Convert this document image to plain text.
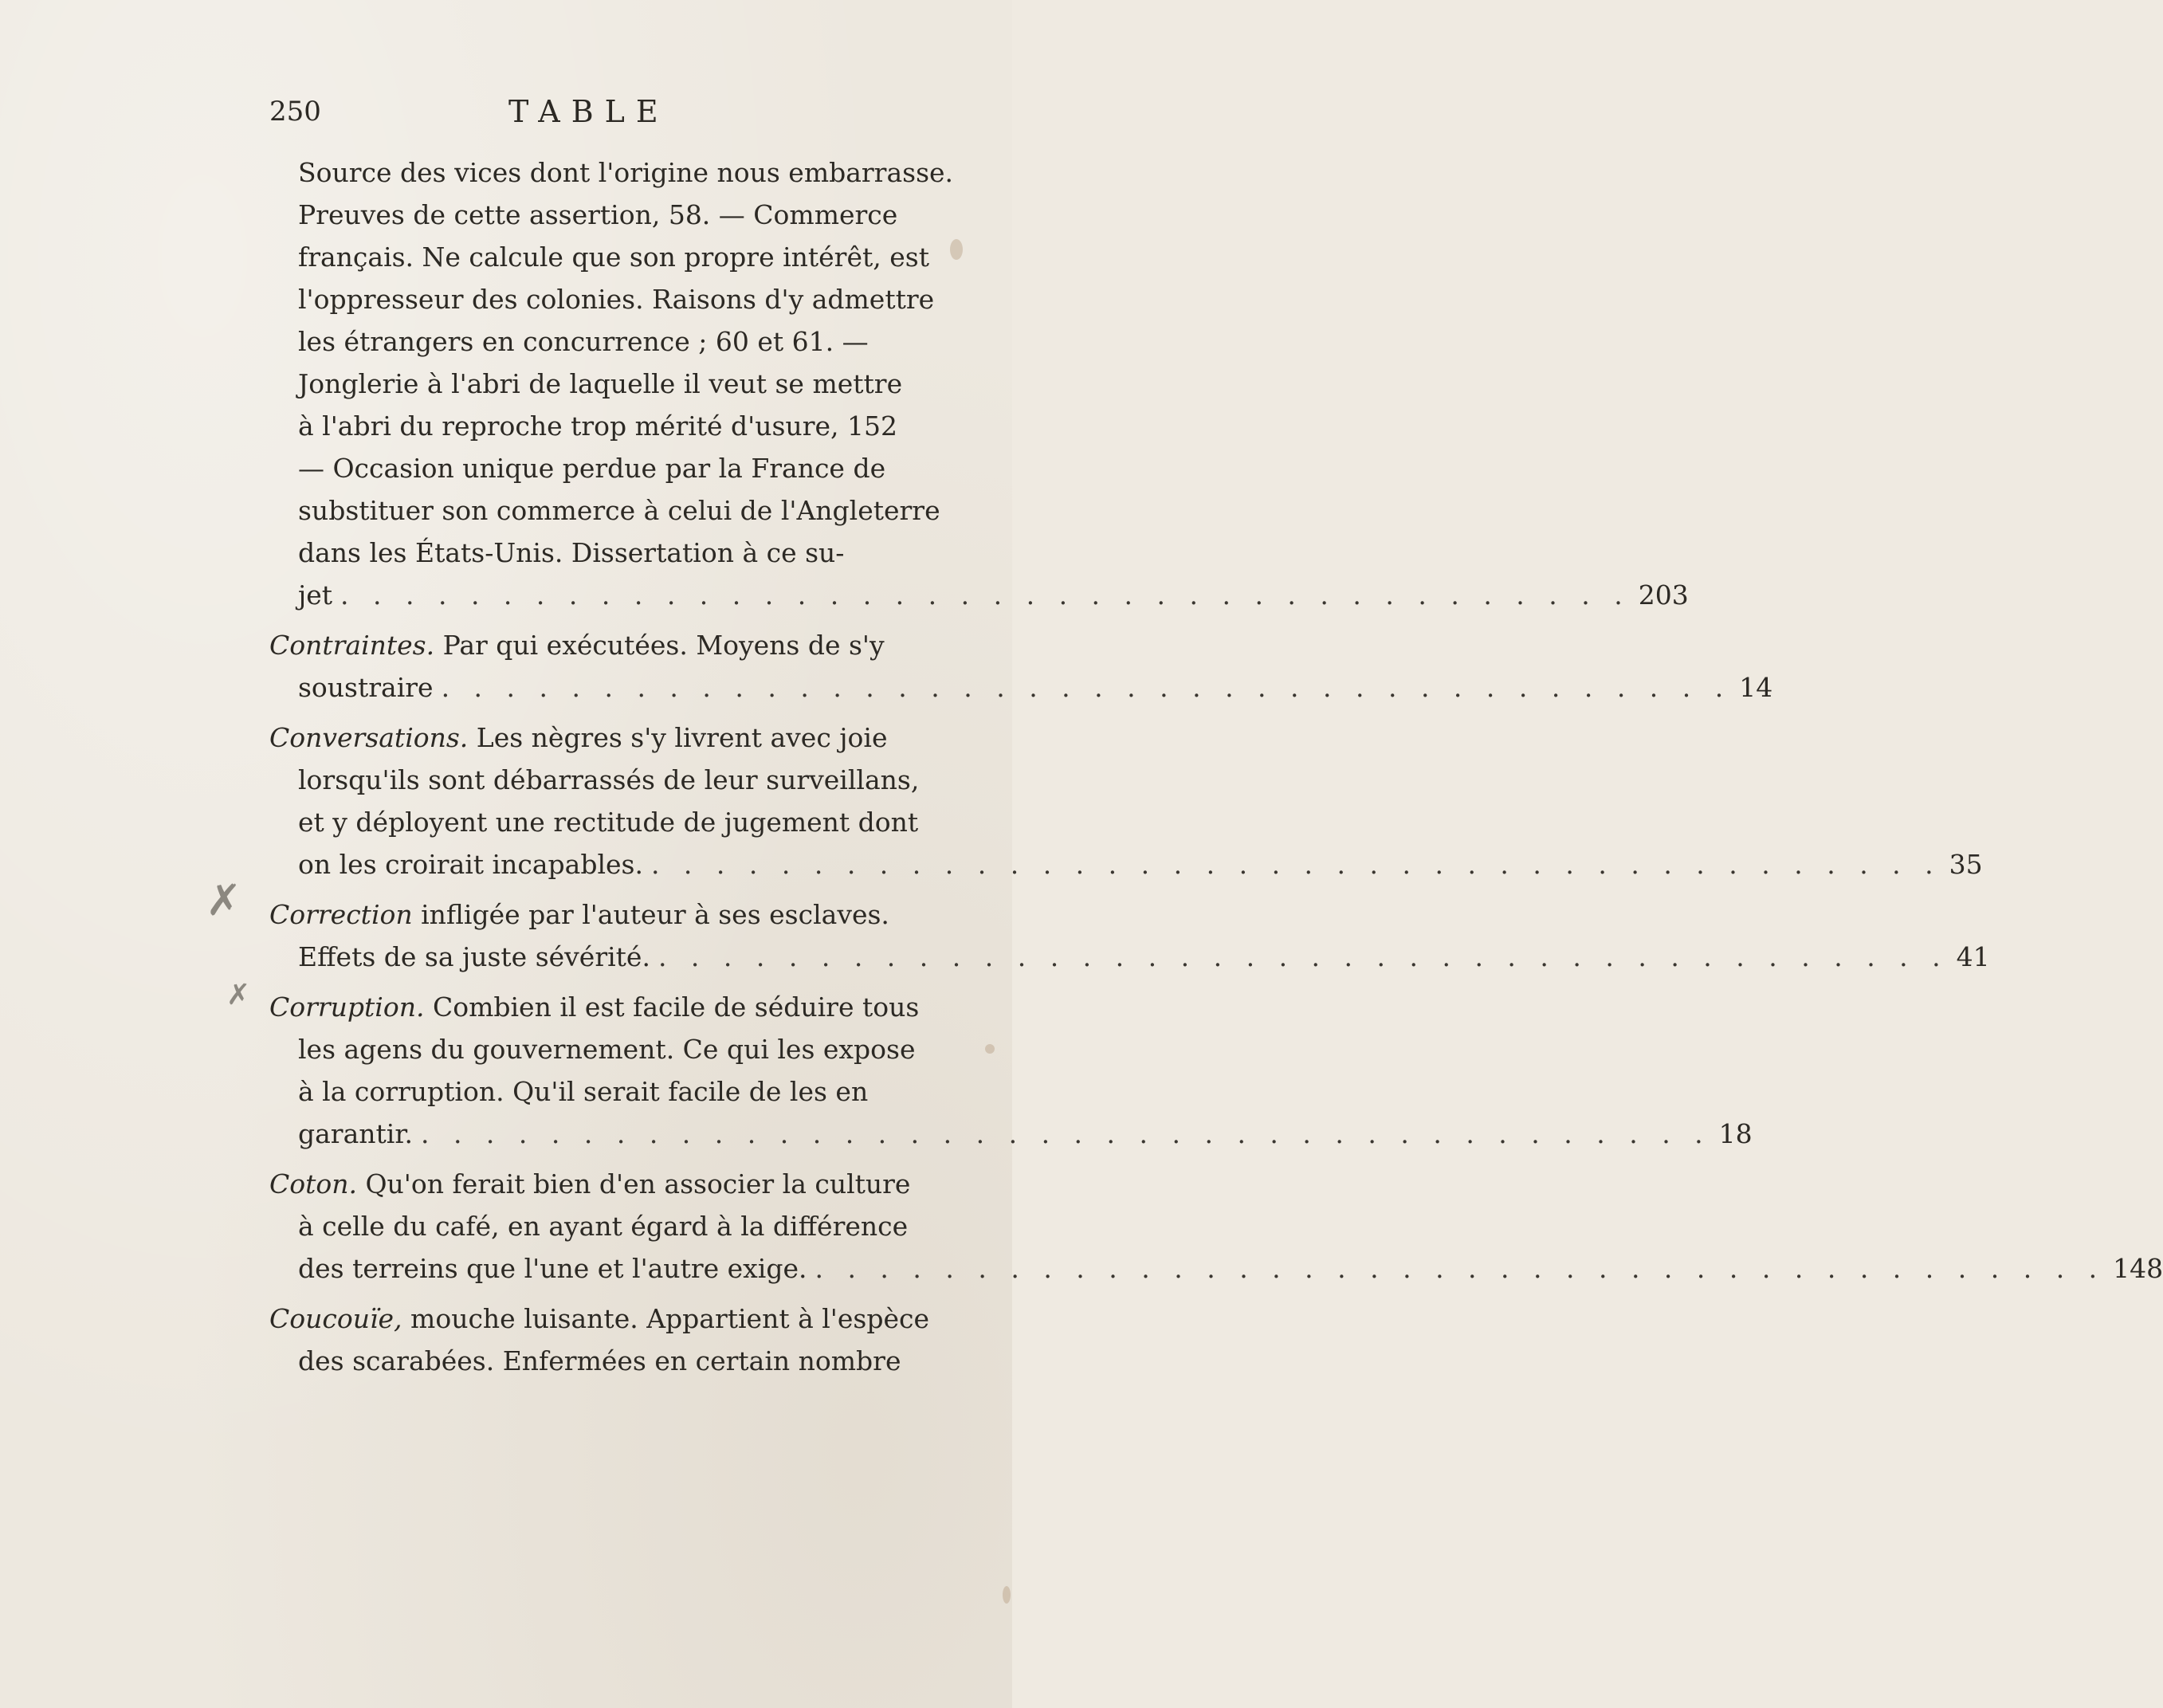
250	TABLE
Source des vices dont l'origine nous embarrasse.
Preuves de cette assertion, 58. — Commerce
français. Ne calcule que son propre intérêt, est
l'oppresseur des colonies. Raisons d'y admettre
les étrangers en concurrence ; 60 et 61. —
Jonglerie à l'abri de laquelle il veut se mettre
à l'abri du reproche trop mérité d'usure, 152
— Occasion unique perdue par la France de
substituer son commerce à celui de l'Angleterre
dans les États-Unis. Dissertation à ce su-
jet . . . . . . . . . . . . . . . . . . . . . . . . . . . . . . . . . . . . . . . . 203
Contraintes. Par qui exécutées. Moyens de s'y
soustraire . . . . . . . . . . . . . . . . . . . . . . . . . . . . . . . . . . . . . . . . 14
Conversations. Les nègres s'y livrent avec joie
lorsqu'ils sont débarrassés de leur surveillans,
et y déployent une rectitude de jugement dont
on les croirait incapables. . . . . . . . . . . . . . . . . . . . . . . . . . . . . . . . . . . . . . . . . 35
Correction infligée par l'auteur à ses esclaves.
Effets de sa juste sévérité. . . . . . . . . . . . . . . . . . . . . . . . . . . . . . . . . . . . . . . . . 41
Corruption. Combien il est facile de séduire tous
les agens du gouvernement. Ce qui les expose
à la corruption. Qu'il serait facile de les en
garantir. . . . . . . . . . . . . . . . . . . . . . . . . . . . . . . . . . . . . . . . . 18
Coton. Qu'on ferait bien d'en associer la culture
à celle du café, en ayant égard à la différence
des terreins que l'une et l'autre exige. . . . . . . . . . . . . . . . . . . . . . . . . . . . . . . . . . . . . . . . . 148
Coucouïe, mouche luisante. Appartient à l'espèce
des scarabées. Enfermées en certain nombre
✗
✗
